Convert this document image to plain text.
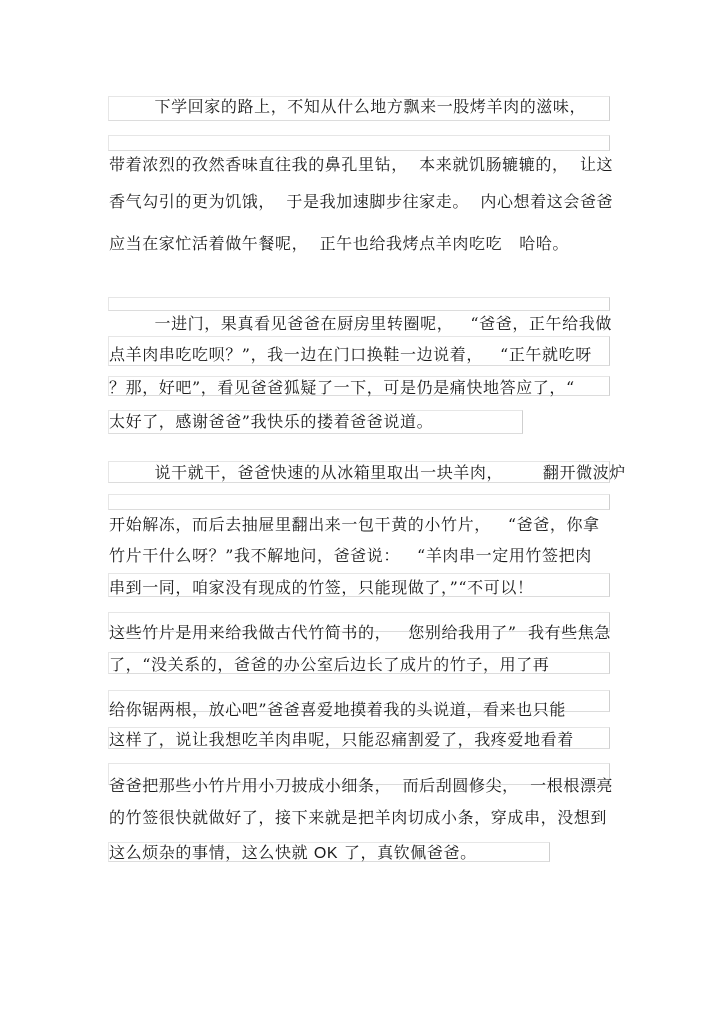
下学回家的路上，不知从什么地方飘来一股烤羊肉的滋味，
带着浓烈的孜然香味直往我的鼻孔里钻，  本来就饥肠辘辘的，  让这
香气勾引的更为饥饿，  于是我加速脚步往家走。  内心想着这会爸爸
应当在家忙活着做午餐呢，  正午也给我烤点羊肉吃吃   哈哈。
一进门，果真看见爸爸在厨房里转圈呢，   “爸爸，正午给我做
点羊肉串吃吃呗？”，我一边在门口换鞋一边说着，   “正午就吃呀
？那，好吧”，看见爸爸狐疑了一下，可是仍是痛快地答应了，“
太好了，感谢爸爸”我快乐的搂着爸爸说道。
说干就干，爸爸快速的从冰箱里取出一块羊肉，       翻开微波炉
开始解冻，而后去抽屉里翻出来一包干黄的小竹片，   “爸爸，你拿
竹片干什么呀？”我不解地问，爸爸说：   “羊肉串一定用竹签把肉
串到一同，咱家没有现成的竹签，只能现做了，”“不可以！
这些竹片是用来给我做古代竹简书的，   您别给我用了”  我有些焦急
了，“没关系的，爸爸的办公室后边长了成片的竹子，用了再
给你锯两根，放心吧”爸爸喜爱地摸着我的头说道，看来也只能
这样了，说让我想吃羊肉串呢，只能忍痛割爱了，我疼爱地看着
爸爸把那些小竹片用小刀披成小细条，  而后刮圆修尖，  一根根漂亮
的竹签很快就做好了，接下来就是把羊肉切成小条，穿成串，没想到
这么烦杂的事情，这么快就 OK 了，真钦佩爸爸。
